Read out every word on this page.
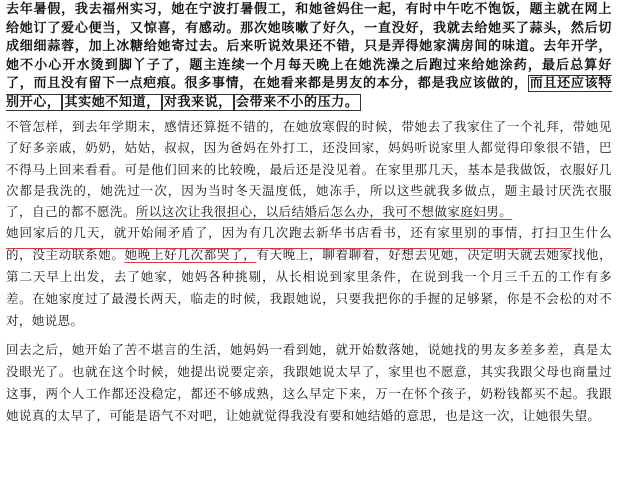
去年暑假，我去福州实习，她在宁波打暑假工，和她爸妈住一起，有时中午吃不饱饭，题主就在网上给她订了爱心便当，又惊喜，有感动。那次她咳嗽了好久，一直没好，我就去给她买了蒜头，然后切成细细蒜蓉，加上冰糖给她寄过去。后来听说效果还不错，只是弄得她家满房间的味道。去年开学，她不小心开水烫到脚丫子了，题主连续一个月每天晚上在她洗澡之后跑过来给她涂药，最后总算好了，而且没有留下一点疤痕。很多事情，在她看来都是男友的本分，都是我应该做的， 而且还应该特别开心， 其实她不知道， 对我来说， 会带来不小的压力。

不管怎样，到去年学期末，感情还算挺不错的，在她放寒假的时候，带她去了我家住了一个礼拜，带她见了好多亲戚，奶奶，姑姑，叔叔，因为爸妈在外打工，还没回家，妈妈听说家里人都觉得印象很不错，巴不得马上回来看看。可是他们回来的比较晚，最后还是没见着。在家里那几天，基本是我做饭，衣服好几次都是我洗的，她洗过一次，因为当时冬天温度低，她冻手，所以这些就我多做点，题主最讨厌洗衣服了，自己的都不愿洗。所以这次让我很担心，以后结婚后怎么办，我可不想做家庭妇男。

她回家后的几天，就开始闹矛盾了，因为有几次跑去新华书店看书，还有家里别的事情，打扫卫生什么的，没主动联系她。她晚上好几次都哭了，有天晚上，聊着聊着，好想去见她，决定明天就去她家找他，第二天早上出发，去了她家，她妈各种挑剔，从长相说到家里条件，在说到我一个月三千五的工作有多差。在她家度过了最漫长两天，临走的时候，我跟她说，只要我把你的手握的足够紧，你是不会松的对不对，她说恩。

回去之后，她开始了苦不堪言的生活，她妈妈一看到她，就开始数落她，说她找的男友多差多差，真是太没眼光了。也就在这个时候，她提出说要定亲，我跟她说太早了，家里也不愿意，其实我跟父母也商量过这事，两个人工作都还没稳定，都还不够成熟，这么早定下来，万一在怀个孩子，奶粉钱都买不起。我跟她说真的太早了，可能是语气不对吧，让她就觉得我没有要和她结婚的意思，也是这一次，让她很失望。
